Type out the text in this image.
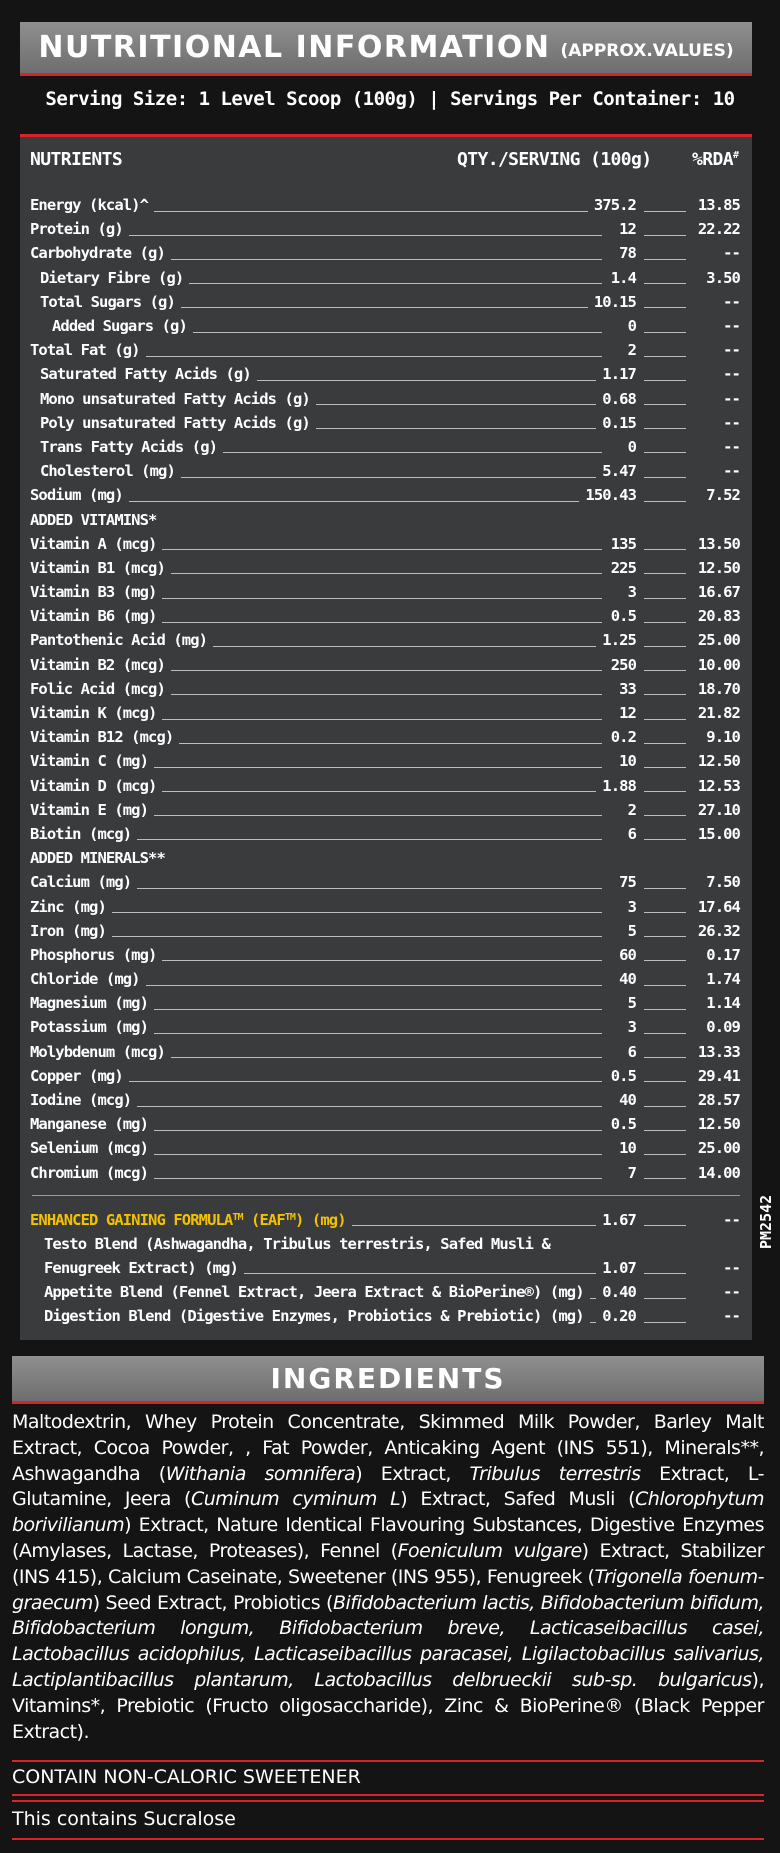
NUTRITIONAL INFORMATION (APPROX.VALUES)
Serving Size: 1 Level Scoop (100g) | Servings Per Container: 10
NUTRIENTS	QTY./SERVING (100g) %RDA#
Energy (kcal)^	375.2	13.85
Protein (g)	12	22.22
Carbohydrate (g)	78	--
Dietary Fibre (g)	1.4	3.50
Total Sugars (g)	10.15	--
Added Sugars (g)	0	--
Total Fat (g)	2	--
Saturated Fatty Acids (g)	1.17	--
Mono unsaturated Fatty Acids (g)	0.68	--
Poly unsaturated Fatty Acids (g)	0.15	--
Trans Fatty Acids (g)	0	--
Cholesterol (mg)	5.47	--
Sodium (mg)	150.43	7.52
ADDED VITAMINS*
Vitamin A (mcg)	135	13.50
Vitamin B1 (mcg)	225	12.50
Vitamin B3 (mg)	3	16.67
Vitamin B6 (mg)	0.5	20.83
Pantothenic Acid (mg)	1.25	25.00
Vitamin B2 (mcg)	250	10.00
Folic Acid (mcg)	33	18.70
Vitamin K (mcg)	12	21.82
Vitamin B12 (mcg)	0.2	9.10
Vitamin C (mg)	10	12.50
Vitamin D (mcg)	1.88	12.53
Vitamin E (mg)	2	27.10
Biotin (mcg)	6	15.00
ADDED MINERALS**
Calcium (mg)	75	7.50
Zinc (mg)	3	17.64
Iron (mg)	5	26.32
Phosphorus (mg)	60	0.17
Chloride (mg)	40	1.74
Magnesium (mg)	5	1.14
Potassium (mg)	3	0.09
Molybdenum (mcg)	6	13.33
Copper (mg)	0.5	29.41
Iodine (mcg)	40	28.57
Manganese (mg)	0.5	12.50
Selenium (mcg)	10	25.00
Chromium (mcg)	7	14.00
ENHANCED GAINING FORMULA™ (EAF™) (mg)	1.67	--
Testo Blend (Ashwagandha, Tribulus terrestris, Safed Musli &
Fenugreek Extract) (mg)	1.07	--
Appetite Blend (Fennel Extract, Jeera Extract & BioPerine®) (mg) 0.40	--
Digestion Blend (Digestive Enzymes, Probiotics & Prebiotic) (mg) 0.20	--
PM2542
INGREDIENTS
Maltodextrin, Whey Protein Concentrate, Skimmed Milk Powder, Barley Malt Extract, Cocoa Powder, , Fat Powder, Anticaking Agent (INS 551), Minerals**, Ashwagandha (Withania somnifera) Extract, Tribulus terrestris Extract, L-Glutamine, Jeera (Cuminum cyminum L) Extract, Safed Musli (Chlorophytum borivilianum) Extract, Nature Identical Flavouring Substances, Digestive Enzymes (Amylases, Lactase, Proteases), Fennel (Foeniculum vulgare) Extract, Stabilizer (INS 415), Calcium Caseinate, Sweetener (INS 955), Fenugreek (Trigonella foenum-graecum) Seed Extract, Probiotics (Bifidobacterium lactis, Bifidobacterium bifidum, Bifidobacterium longum, Bifidobacterium breve, Lacticaseibacillus casei, Lactobacillus acidophilus, Lacticaseibacillus paracasei, Ligilactobacillus salivarius, Lactiplantibacillus plantarum, Lactobacillus delbrueckii sub-sp. bulgaricus), Vitamins*, Prebiotic (Fructo oligosaccharide), Zinc & BioPerine® (Black Pepper Extract).
CONTAIN NON-CALORIC SWEETENER
This contains Sucralose
